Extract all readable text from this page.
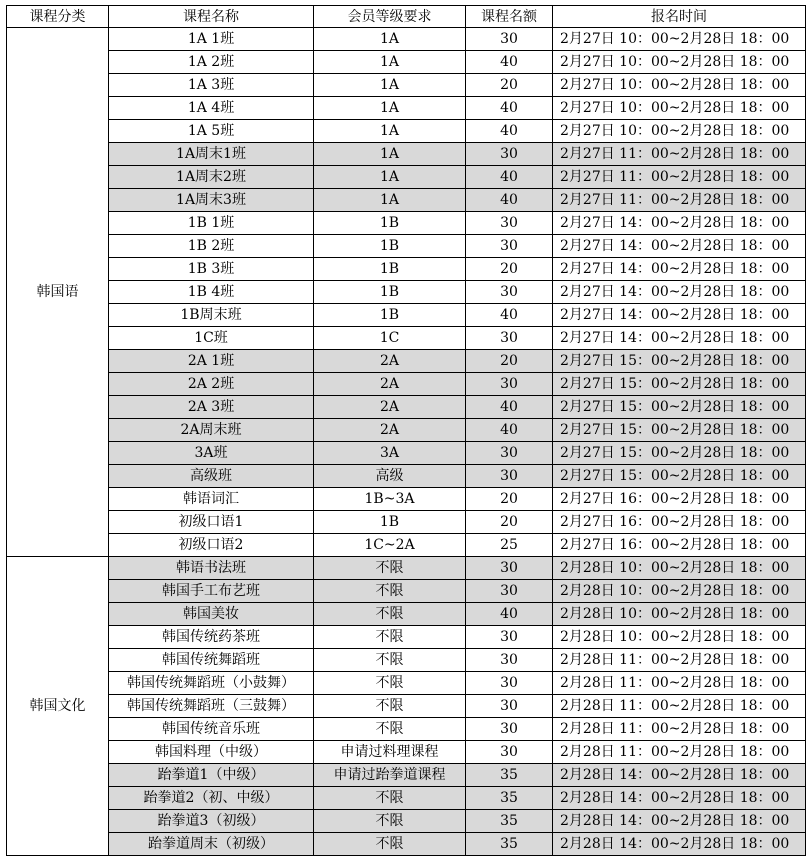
课程分类	课程名称	会员等级要求	课程名额	报名时间
韩国语	1A 1班	1A	30	2月27日 10：00~2月28日 18：00
	1A 2班	1A	40	2月27日 10：00~2月28日 18：00
	1A 3班	1A	20	2月27日 10：00~2月28日 18：00
	1A 4班	1A	40	2月27日 10：00~2月28日 18：00
	1A 5班	1A	40	2月27日 10：00~2月28日 18：00
	1A周末1班	1A	30	2月27日 11：00~2月28日 18：00
	1A周末2班	1A	40	2月27日 11：00~2月28日 18：00
	1A周末3班	1A	40	2月27日 11：00~2月28日 18：00
	1B 1班	1B	30	2月27日 14：00~2月28日 18：00
	1B 2班	1B	30	2月27日 14：00~2月28日 18：00
	1B 3班	1B	20	2月27日 14：00~2月28日 18：00
	1B 4班	1B	30	2月27日 14：00~2月28日 18：00
	1B周末班	1B	40	2月27日 14：00~2月28日 18：00
	1C班	1C	30	2月27日 14：00~2月28日 18：00
	2A 1班	2A	20	2月27日 15：00~2月28日 18：00
	2A 2班	2A	30	2月27日 15：00~2月28日 18：00
	2A 3班	2A	40	2月27日 15：00~2月28日 18：00
	2A周末班	2A	40	2月27日 15：00~2月28日 18：00
	3A班	3A	30	2月27日 15：00~2月28日 18：00
	高级班	高级	30	2月27日 15：00~2月28日 18：00
	韩语词汇	1B~3A	20	2月27日 16：00~2月28日 18：00
	初级口语1	1B	20	2月27日 16：00~2月28日 18：00
	初级口语2	1C~2A	25	2月27日 16：00~2月28日 18：00
韩国文化	韩语书法班	不限	30	2月28日 10：00~2月28日 18：00
	韩国手工布艺班	不限	30	2月28日 10：00~2月28日 18：00
	韩国美妆	不限	40	2月28日 10：00~2月28日 18：00
	韩国传统药茶班	不限	30	2月28日 10：00~2月28日 18：00
	韩国传统舞蹈班	不限	30	2月28日 11：00~2月28日 18：00
	韩国传统舞蹈班（小鼓舞）	不限	30	2月28日 11：00~2月28日 18：00
	韩国传统舞蹈班（三鼓舞）	不限	30	2月28日 11：00~2月28日 18：00
	韩国传统音乐班	不限	30	2月28日 11：00~2月28日 18：00
	韩国料理（中级）	申请过料理课程	30	2月28日 11：00~2月28日 18：00
	跆拳道1（中级）	申请过跆拳道课程	35	2月28日 14：00~2月28日 18：00
	跆拳道2（初、中级）	不限	35	2月28日 14：00~2月28日 18：00
	跆拳道3（初级）	不限	35	2月28日 14：00~2月28日 18：00
	跆拳道周末（初级）	不限	35	2月28日 14：00~2月28日 18：00
